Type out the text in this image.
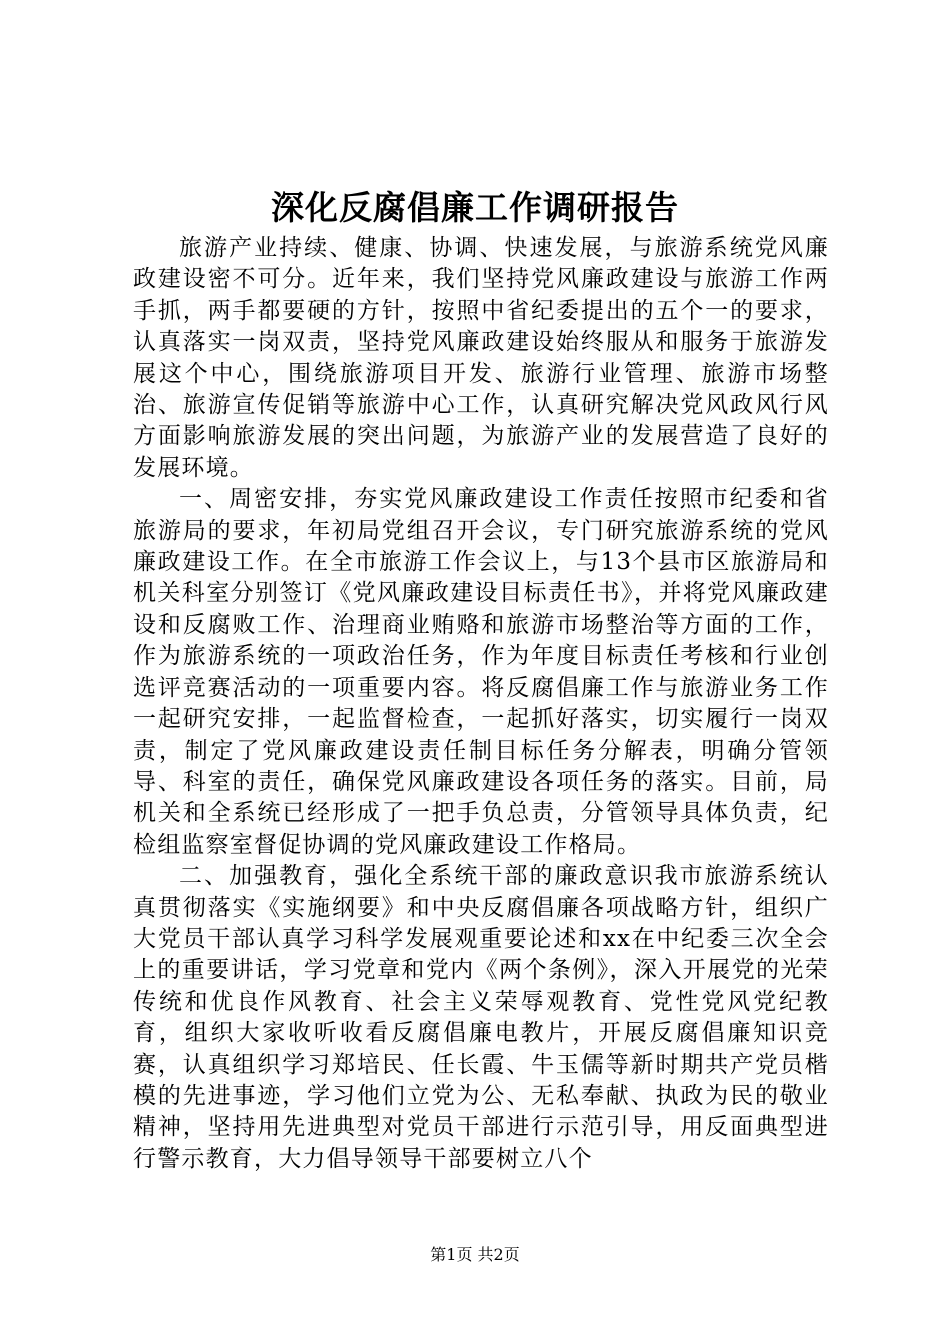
深化反腐倡廉工作调研报告

旅游产业持续、健康、协调、快速发展，与旅游系统党风廉政建设密不可分。近年来，我们坚持党风廉政建设与旅游工作两手抓，两手都要硬的方针，按照中省纪委提出的五个一的要求，认真落实一岗双责，坚持党风廉政建设始终服从和服务于旅游发展这个中心，围绕旅游项目开发、旅游行业管理、旅游市场整治、旅游宣传促销等旅游中心工作，认真研究解决党风政风行风方面影响旅游发展的突出问题，为旅游产业的发展营造了良好的发展环境。

一、周密安排，夯实党风廉政建设工作责任按照市纪委和省旅游局的要求，年初局党组召开会议，专门研究旅游系统的党风廉政建设工作。在全市旅游工作会议上，与13个县市区旅游局和机关科室分别签订《党风廉政建设目标责任书》，并将党风廉政建设和反腐败工作、治理商业贿赂和旅游市场整治等方面的工作，作为旅游系统的一项政治任务，作为年度目标责任考核和行业创选评竞赛活动的一项重要内容。将反腐倡廉工作与旅游业务工作一起研究安排，一起监督检查，一起抓好落实，切实履行一岗双责，制定了党风廉政建设责任制目标任务分解表，明确分管领导、科室的责任，确保党风廉政建设各项任务的落实。目前，局机关和全系统已经形成了一把手负总责，分管领导具体负责，纪检组监察室督促协调的党风廉政建设工作格局。

二、加强教育，强化全系统干部的廉政意识我市旅游系统认真贯彻落实《实施纲要》和中央反腐倡廉各项战略方针，组织广大党员干部认真学习科学发展观重要论述和xx在中纪委三次全会上的重要讲话，学习党章和党内《两个条例》，深入开展党的光荣传统和优良作风教育、社会主义荣辱观教育、党性党风党纪教育，组织大家收听收看反腐倡廉电教片，开展反腐倡廉知识竞赛，认真组织学习郑培民、任长霞、牛玉儒等新时期共产党员楷模的先进事迹，学习他们立党为公、无私奉献、执政为民的敬业精神，坚持用先进典型对党员干部进行示范引导，用反面典型进行警示教育，大力倡导领导干部要树立八个

第1页 共2页
